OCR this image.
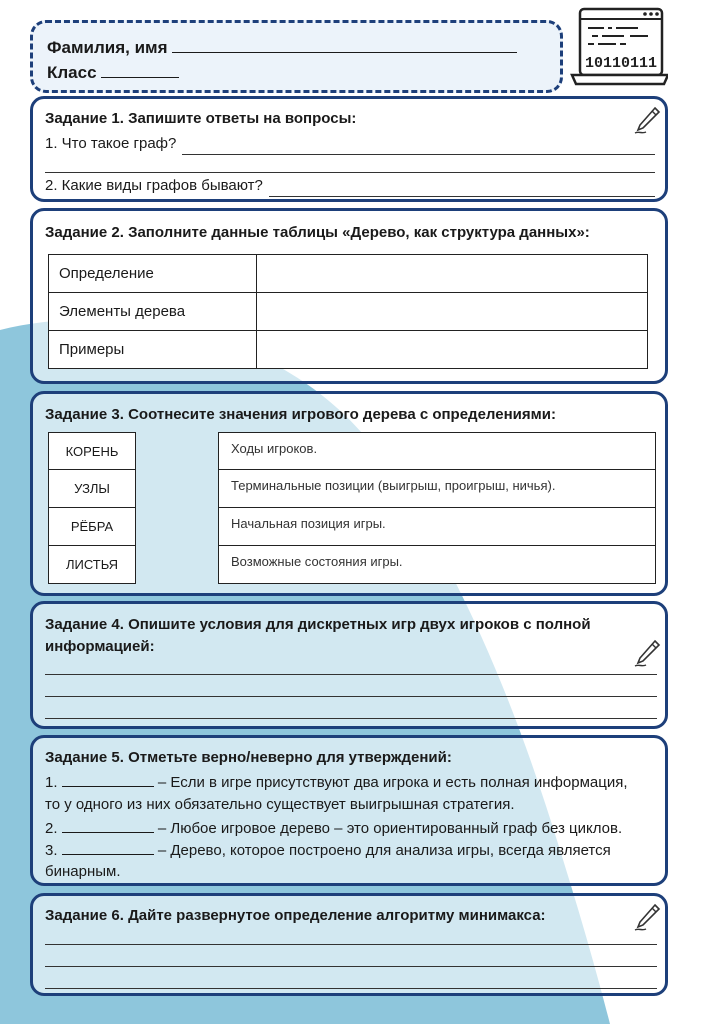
Фамилия, имя
Класс	10110111
Задание 1. Запишите ответы на вопросы:
1. Что такое граф?
2. Какие виды графов бывают?
Задание 2. Заполните данные таблицы «Дерево, как структура данных»:
Определение	
Элементы дерева	
Примеры	
Задание 3. Соотнесите значения игрового дерева с определениями:
КОРЕНЬ
УЗЛЫ
РЁБРА
ЛИСТЬЯ
Ходы игроков.
Терминальные позиции (выигрыш, проигрыш, ничья).
Начальная позиция игры.
Возможные состояния игры.
Задание 4. Опишите условия для дискретных игр двух игроков с полной
информацией:
Задание 5. Отметьте верно/неверно для утверждений:
1.	– Если в игре присутствуют два игрока и есть полная информация,
то у одного из них обязательно существует выигрышная стратегия.
2.	– Любое игровое дерево – это ориентированный граф без циклов.
3.	– Дерево, которое построено для анализа игры, всегда является
бинарным.
Задание 6. Дайте развернутое определение алгоритму минимакса:
